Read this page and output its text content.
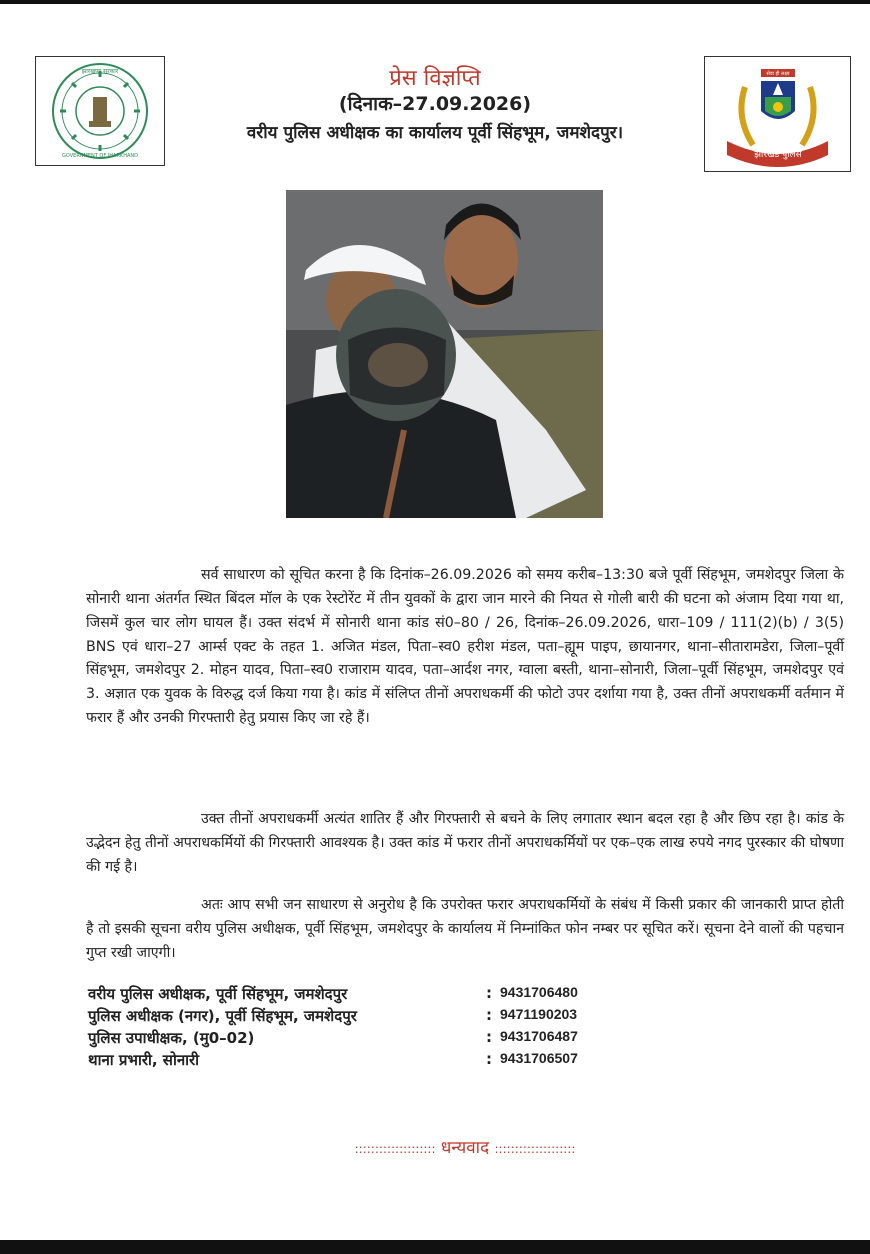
झारखण्ड सरकार
GOVERNMENT OF JHARKHAND
प्रेस विज्ञप्ति
(दिनाक–27.09.2026)
वरीय पुलिस अधीक्षक का कार्यालय पूर्वी सिंहभूम, जमशेदपुर।
सेवा ही लक्ष्य
झारखंड पुलिस

सर्व साधारण को सूचित करना है कि दिनांक–26.09.2026 को समय करीब–13:30 बजे पूर्वी सिंहभूम, जमशेदपुर जिला के सोनारी थाना अंतर्गत स्थित बिंदल मॉल के एक रेस्टोरेंट में तीन युवकों के द्वारा जान मारने की नियत से गोली बारी की घटना को अंजाम दिया गया था, जिसमें कुल चार लोग घायल हैं। उक्त संदर्भ में सोनारी थाना कांड सं0–80 / 26, दिनांक–26.09.2026, धारा–109 / 111(2)(b) / 3(5) BNS एवं धारा–27 आर्म्स एक्ट के तहत 1. अजित मंडल, पिता–स्व0 हरीश मंडल, पता–ह्यूम पाइप, छायानगर, थाना–सीतारामडेरा, जिला–पूर्वी सिंहभूम, जमशेदपुर 2. मोहन यादव, पिता–स्व0 राजाराम यादव, पता–आर्दश नगर, ग्वाला बस्ती, थाना–सोनारी, जिला–पूर्वी सिंहभूम, जमशेदपुर एवं 3. अज्ञात एक युवक के विरुद्ध दर्ज किया गया है। कांड में संलिप्त तीनों अपराधकर्मी की फोटो उपर दर्शाया गया है, उक्त तीनों अपराधकर्मी वर्तमान में फरार हैं और उनकी गिरफ्तारी हेतु प्रयास किए जा रहे हैं।

उक्त तीनों अपराधकर्मी अत्यंत शातिर हैं और गिरफ्तारी से बचने के लिए लगातार स्थान बदल रहा है और छिप रहा है। कांड के उद्भेदन हेतु तीनों अपराधकर्मियों की गिरफ्तारी आवश्यक है। उक्त कांड में फरार तीनों अपराधकर्मियों पर एक–एक लाख रुपये नगद पुरस्कार की घोषणा की गई है।

अतः आप सभी जन साधारण से अनुरोध है कि उपरोक्त फरार अपराधकर्मियों के संबंध में किसी प्रकार की जानकारी प्राप्त होती है तो इसकी सूचना वरीय पुलिस अधीक्षक, पूर्वी सिंहभूम, जमशेदपुर के कार्यालय में निम्नांकित फोन नम्बर पर सूचित करें। सूचना देने वालों की पहचान गुप्त रखी जाएगी।

वरीय पुलिस अधीक्षक, पूर्वी सिंहभूम, जमशेदपुर	: 9431706480
पुलिस अधीक्षक (नगर), पूर्वी सिंहभूम, जमशेदपुर	: 9471190203
पुलिस उपाधीक्षक, (मु0–02)	: 9431706487
थाना प्रभारी, सोनारी	: 9431706507
:::::::::::::::::::: धन्यवाद ::::::::::::::::::::
